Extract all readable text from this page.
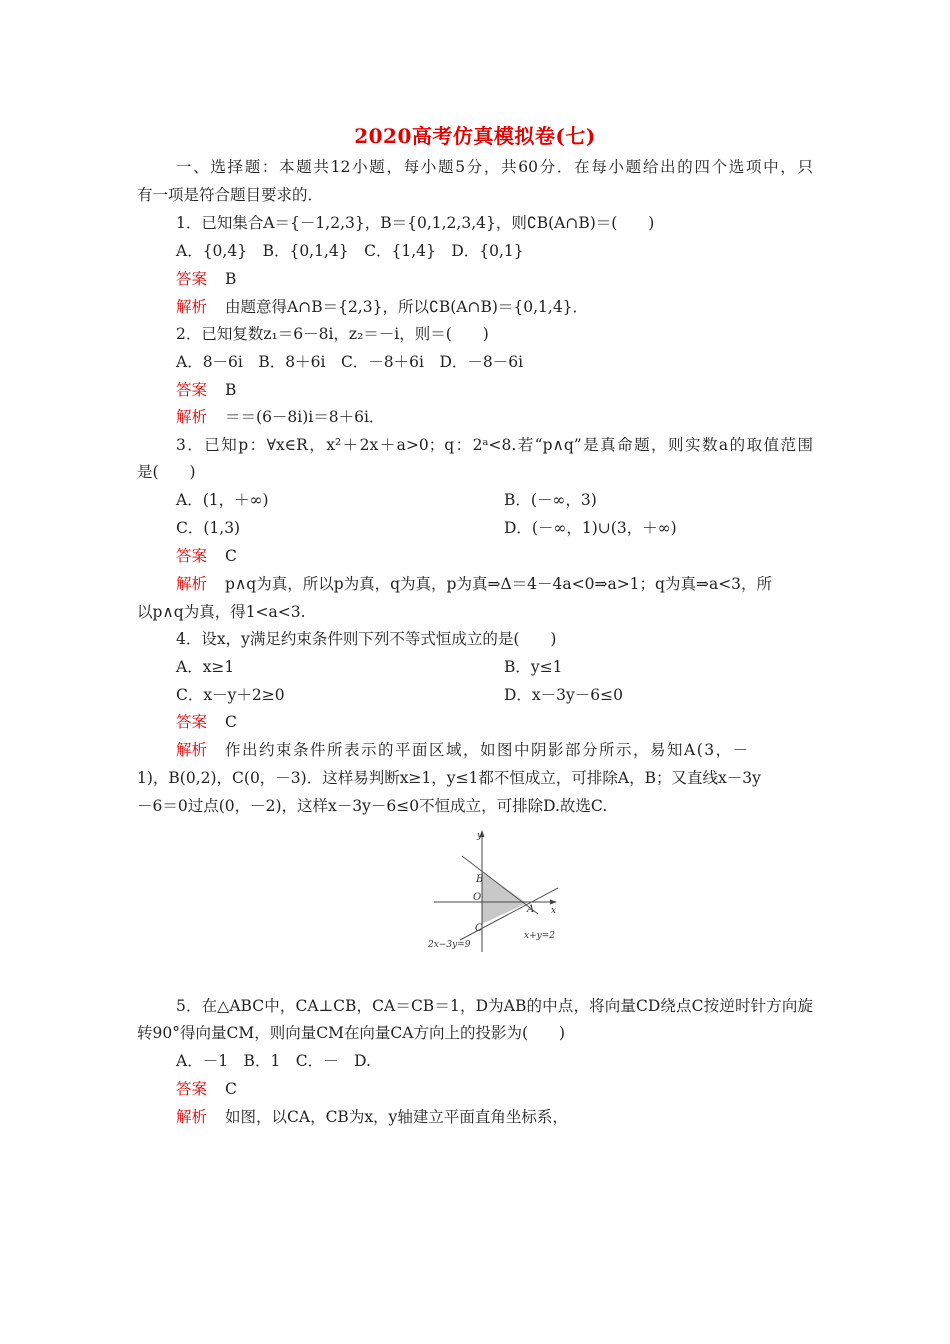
2020高考仿真模拟卷(七)
一、选择题：本题共12小题，每小题5分，共60分．在每小题给出的四个选项中，只
有一项是符合题目要求的．
1．已知集合A＝{－1,2,3}，B＝{0,1,2,3,4}，则∁B(A∩B)＝(　　)
A．{0,4}　B．{0,1,4}　C．{1,4}　D．{0,1}
答案 B
解析 由题意得A∩B＝{2,3}，所以∁B(A∩B)＝{0,1,4}．
2．已知复数z₁＝6－8i，z₂＝－i，则＝(　　)
A．8－6i　B．8＋6i　C．－8＋6i　D．－8－6i
答案 B
解析 ＝＝(6－8i)i＝8＋6i．
3．已知p：∀x∈R，x²＋2x＋a>0；q：2ᵃ<8.若“p∧q”是真命题，则实数a的取值范围
是(　　)
A．(1，＋∞)	B．(－∞，3)
C．(1,3)	D．(－∞，1)∪(3，＋∞)
答案 C
解析 p∧q为真，所以p为真，q为真，p为真⇒Δ＝4－4a<0⇒a>1；q为真⇒a<3，所
以p∧q为真，得1<a<3.
4．设x，y满足约束条件则下列不等式恒成立的是(　　)
A．x≥1	B．y≤1
C．x－y＋2≥0	D．x－3y－6≤0
答案 C
解析 作出约束条件所表示的平面区域，如图中阴影部分所示，易知A(3，－
1)，B(0,2)，C(0，－3)．这样易判断x≥1，y≤1都不恒成立，可排除A，B；又直线x－3y
－6＝0过点(0，－2)，这样x－3y－6≤0不恒成立，可排除D.故选C.
y
x
O
B
A
C
x+y=2
2x−3y=9
5．在△ABC中，CA⊥CB，CA＝CB＝1，D为AB的中点，将向量CD绕点C按逆时针方向旋
转90°得向量CM，则向量CM在向量CA方向上的投影为(　　)
A．－1　B．1　C．－　D.
答案 C
解析 如图，以CA，CB为x，y轴建立平面直角坐标系，
